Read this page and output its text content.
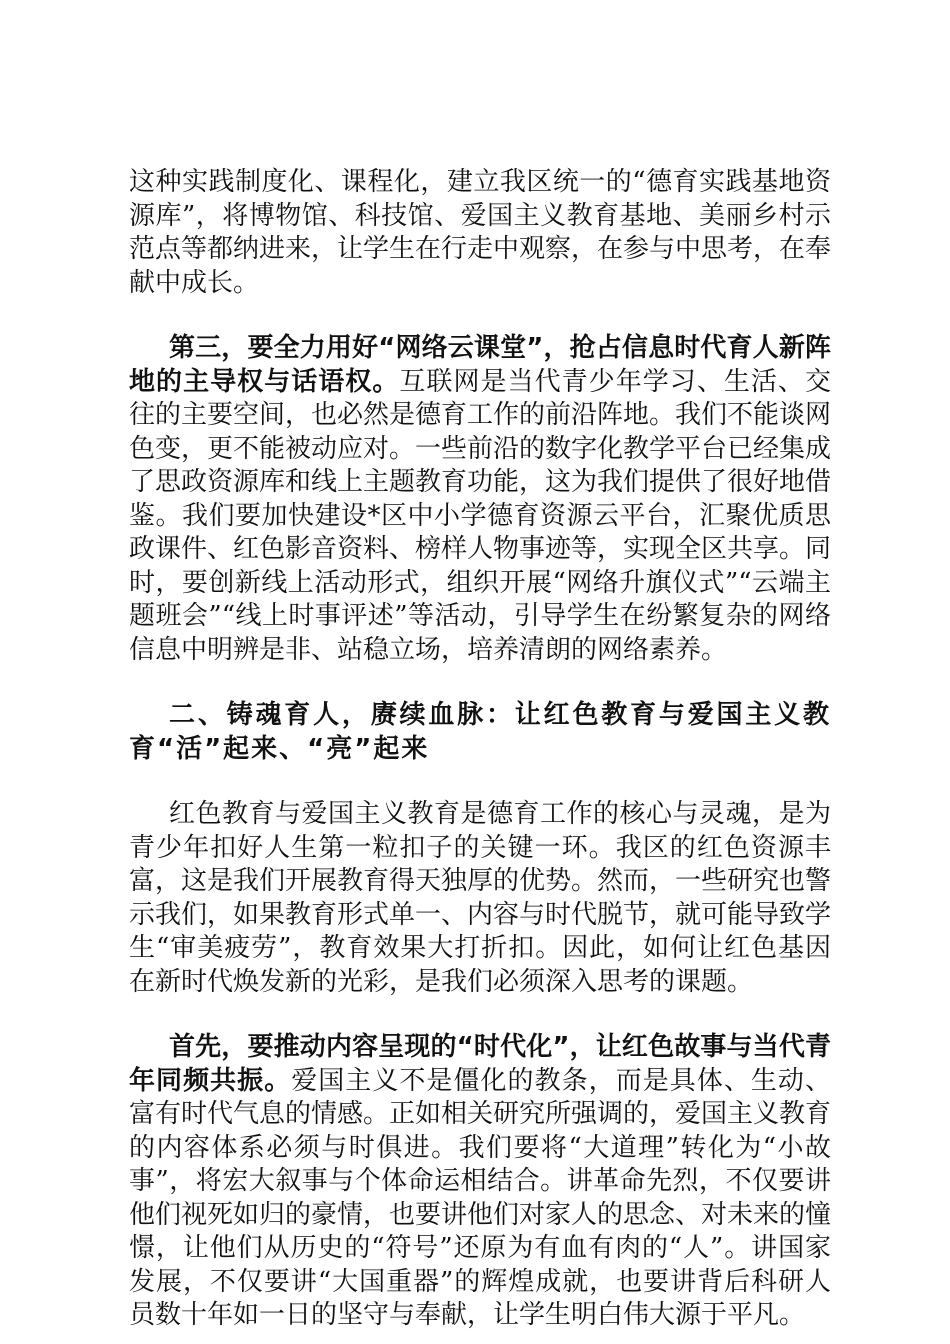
这种实践制度化、课程化，建立我区统一的“德育实践基地资源库”，将博物馆、科技馆、爱国主义教育基地、美丽乡村示范点等都纳进来，让学生在行走中观察，在参与中思考，在奉献中成长。

第三，要全力用好“网络云课堂”，抢占信息时代育人新阵地的主导权与话语权。互联网是当代青少年学习、生活、交往的主要空间，也必然是德育工作的前沿阵地。我们不能谈网色变，更不能被动应对。一些前沿的数字化教学平台已经集成了思政资源库和线上主题教育功能，这为我们提供了很好地借鉴。我们要加快建设*区中小学德育资源云平台，汇聚优质思政课件、红色影音资料、榜样人物事迹等，实现全区共享。同时，要创新线上活动形式，组织开展“网络升旗仪式”“云端主题班会”“线上时事评述”等活动，引导学生在纷繁复杂的网络信息中明辨是非、站稳立场，培养清朗的网络素养。

二、铸魂育人，赓续血脉：让红色教育与爱国主义教育“活”起来、“亮”起来

红色教育与爱国主义教育是德育工作的核心与灵魂，是为青少年扣好人生第一粒扣子的关键一环。我区的红色资源丰富，这是我们开展教育得天独厚的优势。然而，一些研究也警示我们，如果教育形式单一、内容与时代脱节，就可能导致学生“审美疲劳”，教育效果大打折扣。因此，如何让红色基因在新时代焕发新的光彩，是我们必须深入思考的课题。

首先，要推动内容呈现的“时代化”，让红色故事与当代青年同频共振。爱国主义不是僵化的教条，而是具体、生动、富有时代气息的情感。正如相关研究所强调的，爱国主义教育的内容体系必须与时俱进。我们要将“大道理”转化为“小故事”，将宏大叙事与个体命运相结合。讲革命先烈，不仅要讲他们视死如归的豪情，也要讲他们对家人的思念、对未来的憧憬，让他们从历史的“符号”还原为有血有肉的“人”。讲国家发展，不仅要讲“大国重器”的辉煌成就，也要讲背后科研人员数十年如一日的坚守与奉献，让学生明白伟大源于平凡。
